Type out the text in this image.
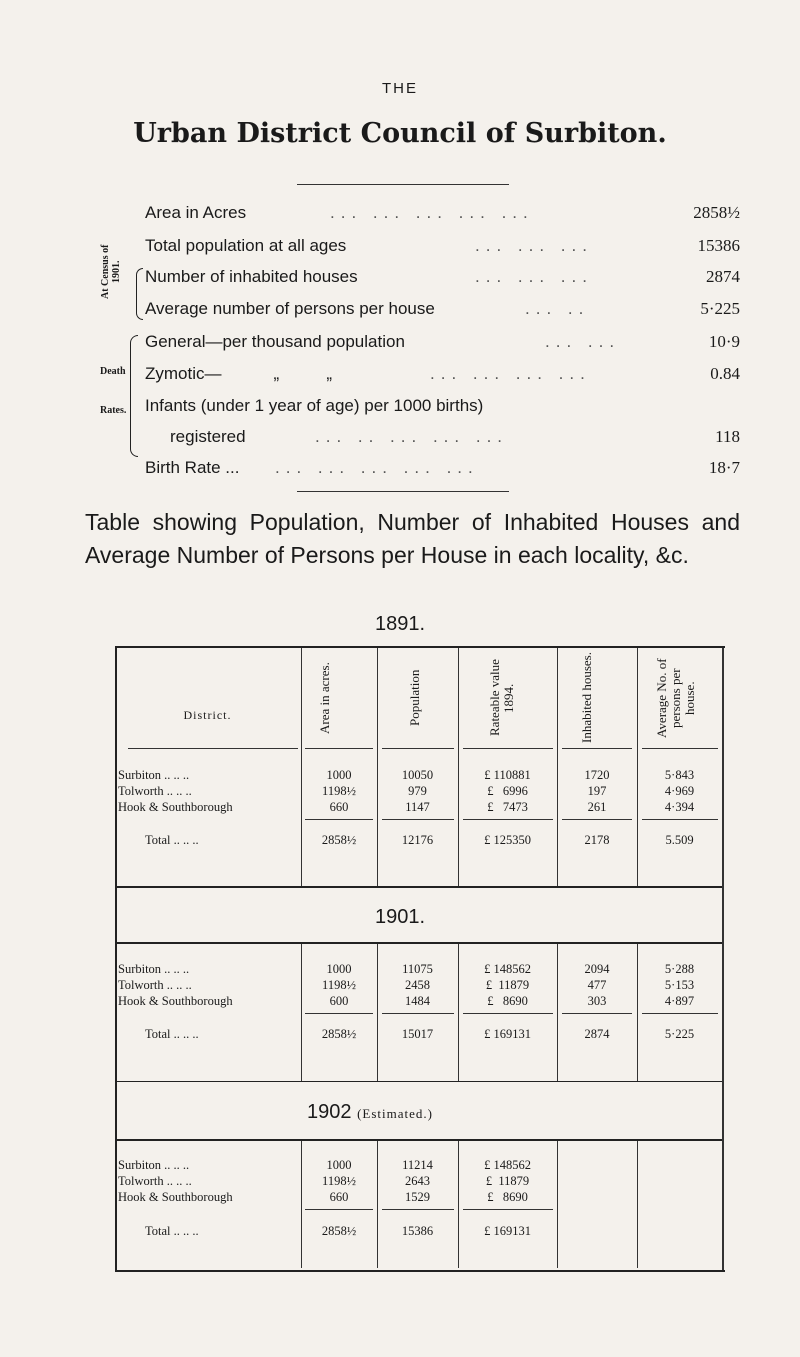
THE
Urban District Council of Surbiton.
Area in Acres	... ... ... ... ...	2858½
Total population at all ages	... ... ...	15386
Number of inhabited houses	... ... ...	2874
Average number of persons per house	... ..	5·225
General—per thousand population	... ...	10·9
Zymotic—           „          „	... ... ... ...	0.84
Infants (under 1 year of age) per 1000 births)
registered	... .. ... ... ...	118
Birth Rate ... ... ... ... ... ...	18·7
At Census of 1901.
Death
Rates.
Table showing Population, Number of Inhabited Houses and Average Number of Persons per House in each locality, &c.
1891.
District.	Area in acres.	Population	Rateable value 1894.	Inhabited houses.	Average No. of persons per house.
Surbiton .. .. ..	1000	10050	£ 110881	1720	5·843
Tolworth .. .. ..	1198½	979	£   6996	197	4·969
Hook & Southborough	660	1147	£   7473	261	4·394
Total .. .. ..	2858½	12176	£ 125350	2178	5.509
1901.
Surbiton .. .. ..	1000	11075	£ 148562	2094	5·288
Tolworth .. .. ..	1198½	2458	£  11879	477	5·153
Hook & Southborough	600	1484	£   8690	303	4·897
Total .. .. ..	2858½	15017	£ 169131	2874	5·225
1902 (Estimated.)
Surbiton .. .. ..	1000	11214	£ 148562
Tolworth .. .. ..	1198½	2643	£  11879
Hook & Southborough	660	1529	£   8690
Total .. .. ..	2858½	15386	£ 169131
